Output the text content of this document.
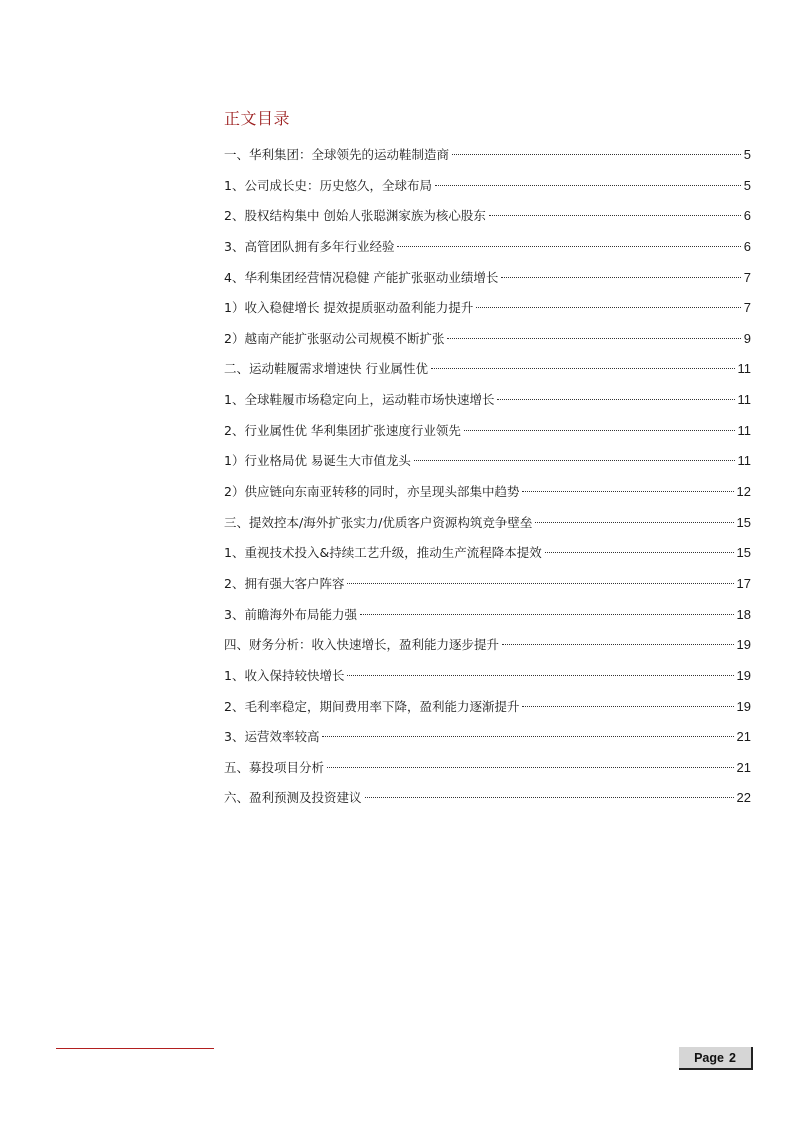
正文目录
一、华利集团：全球领先的运动鞋制造商	5
1、公司成长史：历史悠久，全球布局	5
2、股权结构集中 创始人张聪渊家族为核心股东	6
3、高管团队拥有多年行业经验	6
4、华利集团经营情况稳健 产能扩张驱动业绩增长	7
1）收入稳健增长 提效提质驱动盈利能力提升	7
2）越南产能扩张驱动公司规模不断扩张	9
二、运动鞋履需求增速快 行业属性优	11
1、全球鞋履市场稳定向上，运动鞋市场快速增长	11
2、行业属性优 华利集团扩张速度行业领先	11
1）行业格局优 易诞生大市值龙头	11
2）供应链向东南亚转移的同时，亦呈现头部集中趋势	12
三、提效控本/海外扩张实力/优质客户资源构筑竞争壁垒	15
1、重视技术投入&持续工艺升级，推动生产流程降本提效	15
2、拥有强大客户阵容	17
3、前瞻海外布局能力强	18
四、财务分析：收入快速增长，盈利能力逐步提升	19
1、收入保持较快增长	19
2、毛利率稳定，期间费用率下降，盈利能力逐渐提升	19
3、运营效率较高	21
五、募投项目分析	21
六、盈利预测及投资建议	22
Page 2
